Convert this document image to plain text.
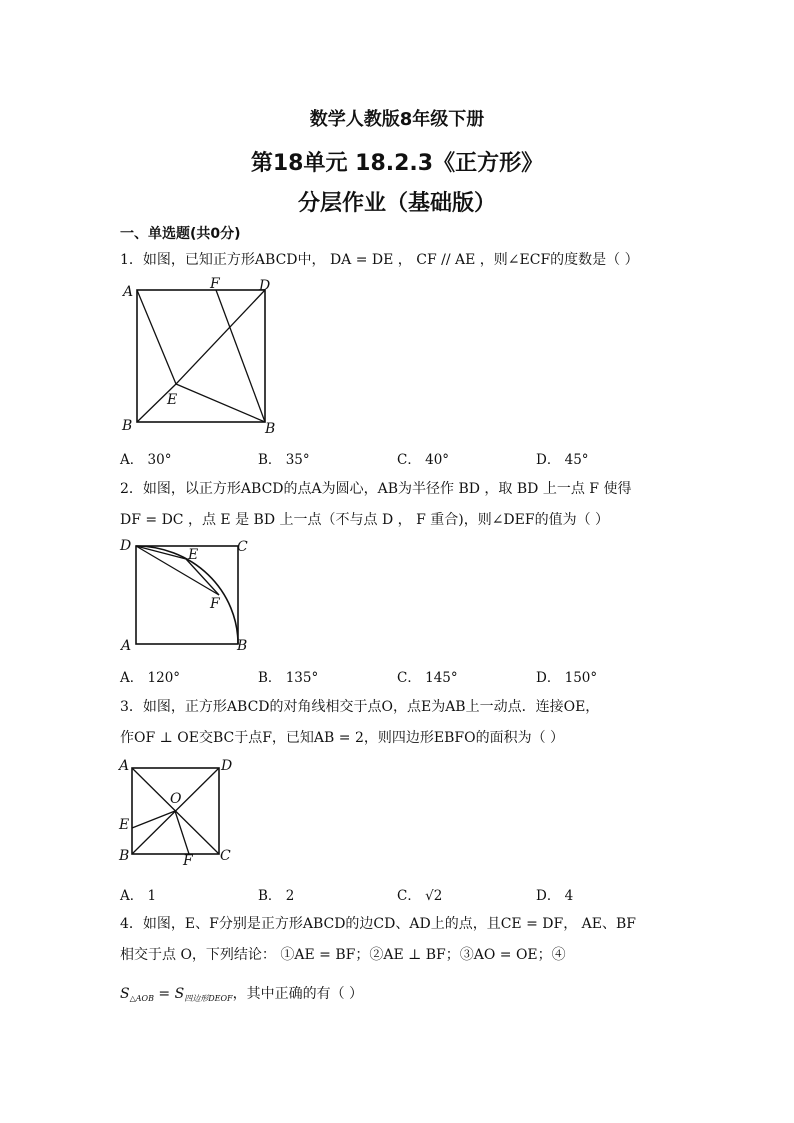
数学人教版8年级下册
第18单元 18.2.3《正方形》
分层作业（基础版）
一、单选题(共0分)
1．如图，已知正方形ABCD中， DA = DE ， CF // AE ，则∠ECF的度数是（ ）
A	F	D
E
B	B
A． 30°	B． 35°	C． 40°	D． 45°
2．如图，以正方形ABCD的点A为圆心，AB为半径作 BD ，取 BD 上一点 F 使得
DF = DC ，点 E 是 BD 上一点（不与点 D ， F 重合)，则∠DEF的值为（ ）
D
E	C
F
A	B
A． 120°	B． 135°	C． 145°	D． 150°
3．如图，正方形ABCD的对角线相交于点O，点E为AB上一动点．连接OE，
作OF ⊥ OE交BC于点F，已知AB = 2，则四边形EBFO的面积为（ ）
A	D
O
E
B	F C
A． 1	B． 2	C． √2	D． 4
4．如图，E、F分别是正方形ABCD的边CD、AD上的点，且CE = DF， AE、BF
相交于点 O，下列结论： ①AE = BF；②AE ⊥ BF；③AO = OE；④
$S_{\triangle AOB} = S_{四边形DEOF}$，其中正确的有（ ）
